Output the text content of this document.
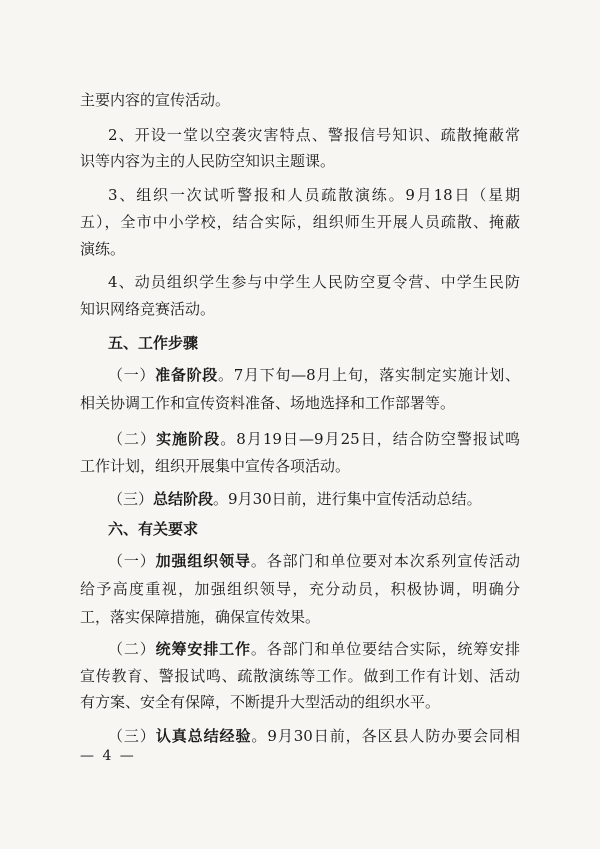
主要内容的宣传活动。
2、开设一堂以空袭灾害特点、警报信号知识、疏散掩蔽常
识等内容为主的人民防空知识主题课。
3、组织一次试听警报和人员疏散演练。9月18日（星期
五），全市中小学校，结合实际，组织师生开展人员疏散、掩蔽
演练。
4、动员组织学生参与中学生人民防空夏令营、中学生民防
知识网络竞赛活动。
五、工作步骤
（一）准备阶段。7月下旬—8月上旬，落实制定实施计划、
相关协调工作和宣传资料准备、场地选择和工作部署等。
（二）实施阶段。8月19日—9月25日，结合防空警报试鸣
工作计划，组织开展集中宣传各项活动。
（三）总结阶段。9月30日前，进行集中宣传活动总结。
六、有关要求
（一）加强组织领导。各部门和单位要对本次系列宣传活动
给予高度重视，加强组织领导，充分动员，积极协调，明确分
工，落实保障措施，确保宣传效果。
（二）统筹安排工作。各部门和单位要结合实际，统筹安排
宣传教育、警报试鸣、疏散演练等工作。做到工作有计划、活动
有方案、安全有保障，不断提升大型活动的组织水平。
（三）认真总结经验。9月30日前，各区县人防办要会同相
— 4 —
